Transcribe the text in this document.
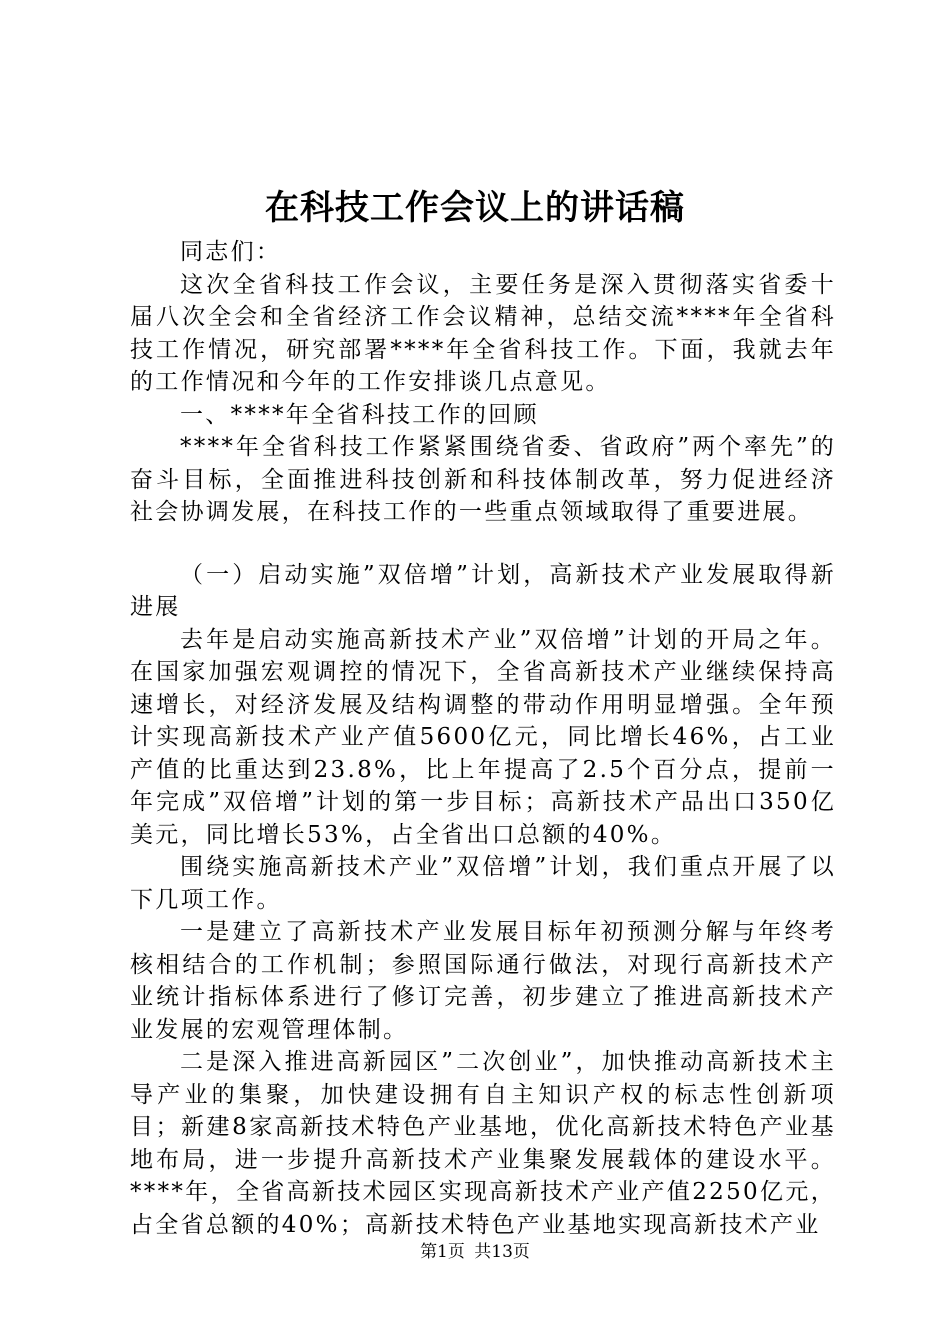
在科技工作会议上的讲话稿

同志们：

这次全省科技工作会议，主要任务是深入贯彻落实省委十届八次全会和全省经济工作会议精神，总结交流****年全省科技工作情况，研究部署****年全省科技工作。下面，我就去年的工作情况和今年的工作安排谈几点意见。

一、****年全省科技工作的回顾

****年全省科技工作紧紧围绕省委、省政府”两个率先”的奋斗目标，全面推进科技创新和科技体制改革，努力促进经济社会协调发展，在科技工作的一些重点领域取得了重要进展。

（一）启动实施”双倍增”计划，高新技术产业发展取得新进展

去年是启动实施高新技术产业”双倍增”计划的开局之年。在国家加强宏观调控的情况下，全省高新技术产业继续保持高速增长，对经济发展及结构调整的带动作用明显增强。全年预计实现高新技术产业产值5600亿元，同比增长46%，占工业产值的比重达到23.8%，比上年提高了2.5个百分点，提前一年完成”双倍增”计划的第一步目标；高新技术产品出口350亿美元，同比增长53%，占全省出口总额的40%。

围绕实施高新技术产业”双倍增”计划，我们重点开展了以下几项工作。

一是建立了高新技术产业发展目标年初预测分解与年终考核相结合的工作机制；参照国际通行做法，对现行高新技术产业统计指标体系进行了修订完善，初步建立了推进高新技术产业发展的宏观管理体制。

二是深入推进高新园区”二次创业”，加快推动高新技术主导产业的集聚，加快建设拥有自主知识产权的标志性创新项目；新建8家高新技术特色产业基地，优化高新技术特色产业基地布局，进一步提升高新技术产业集聚发展载体的建设水平。****年，全省高新技术园区实现高新技术产业产值2250亿元，占全省总额的40%；高新技术特色产业基地实现高新技术产业

第1页 共13页
